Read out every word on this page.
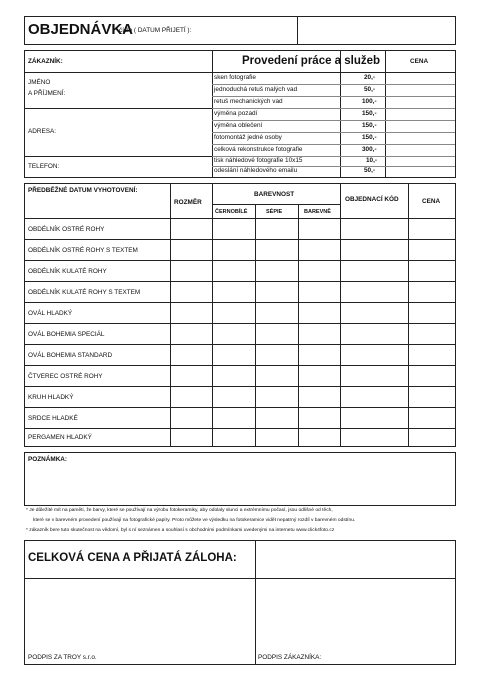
OBJEDNÁVKA
číslo ( DATUM PŘIJETÍ ):
ZÁKAZNÍK:	Provedení práce a služeb	CENA
JMÉNO
A PŘÍJMENÍ:
ADRESA:
TELEFON:
sken fotografie	20,-
jednoduchá retuš malých vad	50,-
retuš mechanických vad	100,-
výměna pozadí	150,-
výměna oblečení	150,-
fotomontáž jedné osoby	150,-
celková rekonstrukce fotografie	300,-
tisk náhledové fotografie 10x15	10,-
odeslání náhledového emailu	50,-
PŘEDBĚŽNÉ DATUM VYHOTOVENÍ:
ROZMĚR
BAREVNOST
ČERNOBÍLÉ	SÉPIE	BAREVNĚ
OBJEDNACÍ KÓD	CENA
OBDÉLNÍK OSTRÉ ROHY
OBDÉLNÍK OSTRÉ ROHY S TEXTEM
OBDÉLNÍK KULATÉ ROHY
OBDÉLNÍK KULATÉ ROHY S TEXTEM
OVÁL HLADKÝ
OVÁL BOHEMIA SPECIÁL
OVÁL BOHEMIA STANDARD
ČTVEREC OSTRÉ ROHY
KRUH HLADKÝ
SRDCE HLADKÉ
PERGAMEN HLADKÝ
POZNÁMKA:
* Je důležité mít na paměti, že barvy, které se používají na výrobu fotokeramiky, aby odolaly slunci a extrémnímu počasí, jsou odlišné od těch,
které se v barevném provedení používají na fotografické papíry. Proto můžete ve výsledku na fotokeramice vidět nepatrný rozdíl v barevném odstínu.
* zákazník bere tuto skutečnost na vědomí, byl s ní seznámen a souhlasí s obchodními podmínkami uvedenými na internetu www.click4foto.cz
CELKOVÁ CENA A PŘIJATÁ ZÁLOHA:
PODPIS ZA TROY s.r.o.	PODPIS ZÁKAZNÍKA:
